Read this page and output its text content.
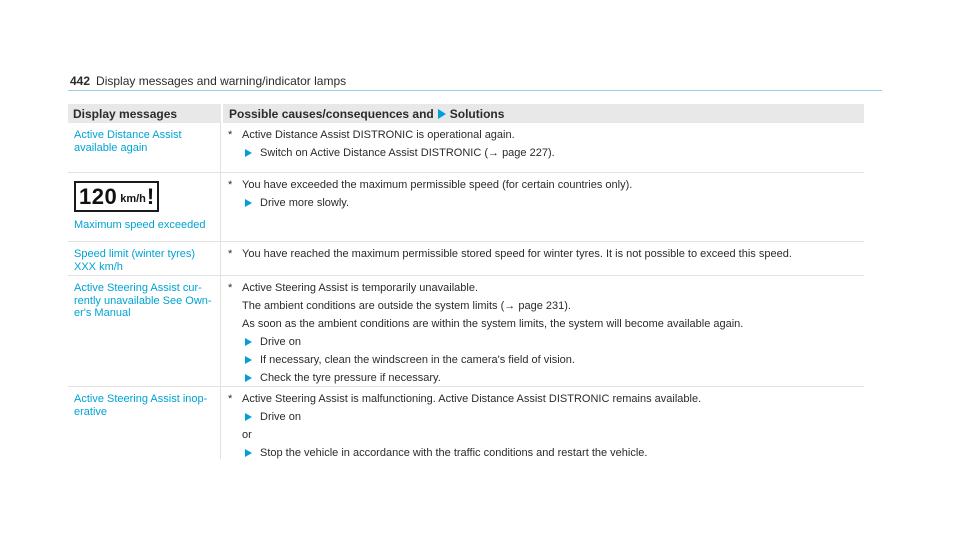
442 Display messages and warning/indicator lamps
Display messages	Possible causes/consequences and Solutions
Active Distance Assist available again
* Active Distance Assist DISTRONIC is operational again.
Switch on Active Distance Assist DISTRONIC (→ page 227).
120 km/h !
Maximum speed exceeded
* You have exceeded the maximum permissible speed (for certain countries only).
Drive more slowly.
Speed limit (winter tyres) XXX km/h
* You have reached the maximum permissible stored speed for winter tyres. It is not possible to exceed this speed.
Active Steering Assist currently unavailable See Owner's Manual
* Active Steering Assist is temporarily unavailable.
The ambient conditions are outside the system limits (→ page 231).
As soon as the ambient conditions are within the system limits, the system will become available again.
Drive on
If necessary, clean the windscreen in the camera's field of vision.
Check the tyre pressure if necessary.
Active Steering Assist inoperative
* Active Steering Assist is malfunctioning. Active Distance Assist DISTRONIC remains available.
Drive on
or
Stop the vehicle in accordance with the traffic conditions and restart the vehicle.
